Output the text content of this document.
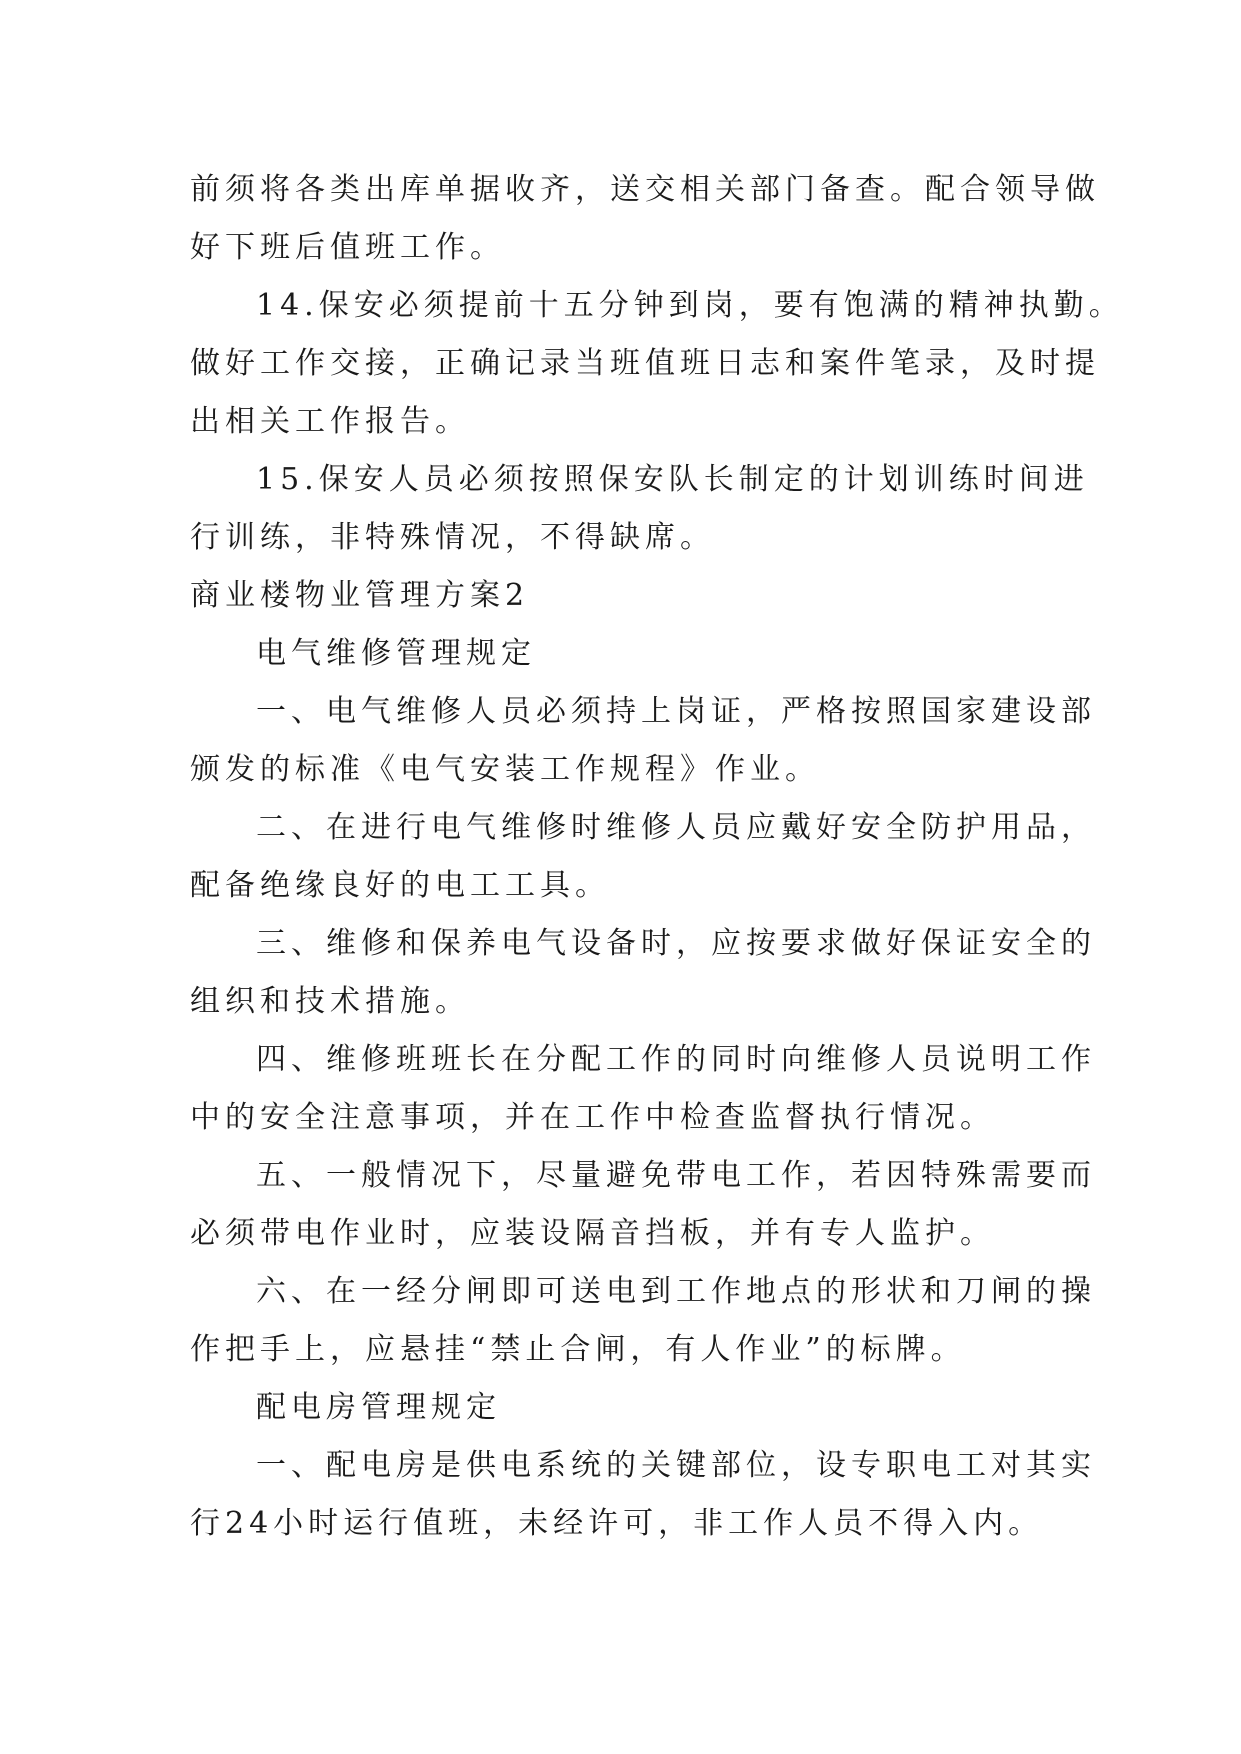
前须将各类出库单据收齐，送交相关部门备查。配合领导做
好下班后值班工作。
14.保安必须提前十五分钟到岗，要有饱满的精神执勤。
做好工作交接，正确记录当班值班日志和案件笔录，及时提
出相关工作报告。
15.保安人员必须按照保安队长制定的计划训练时间进
行训练，非特殊情况，不得缺席。
商业楼物业管理方案2
电气维修管理规定
一、电气维修人员必须持上岗证，严格按照国家建设部
颁发的标准《电气安装工作规程》作业。
二、在进行电气维修时维修人员应戴好安全防护用品，
配备绝缘良好的电工工具。
三、维修和保养电气设备时，应按要求做好保证安全的
组织和技术措施。
四、维修班班长在分配工作的同时向维修人员说明工作
中的安全注意事项，并在工作中检查监督执行情况。
五、一般情况下，尽量避免带电工作，若因特殊需要而
必须带电作业时，应装设隔音挡板，并有专人监护。
六、在一经分闸即可送电到工作地点的形状和刀闸的操
作把手上，应悬挂“禁止合闸，有人作业”的标牌。
配电房管理规定
一、配电房是供电系统的关键部位，设专职电工对其实
行24小时运行值班，未经许可，非工作人员不得入内。
